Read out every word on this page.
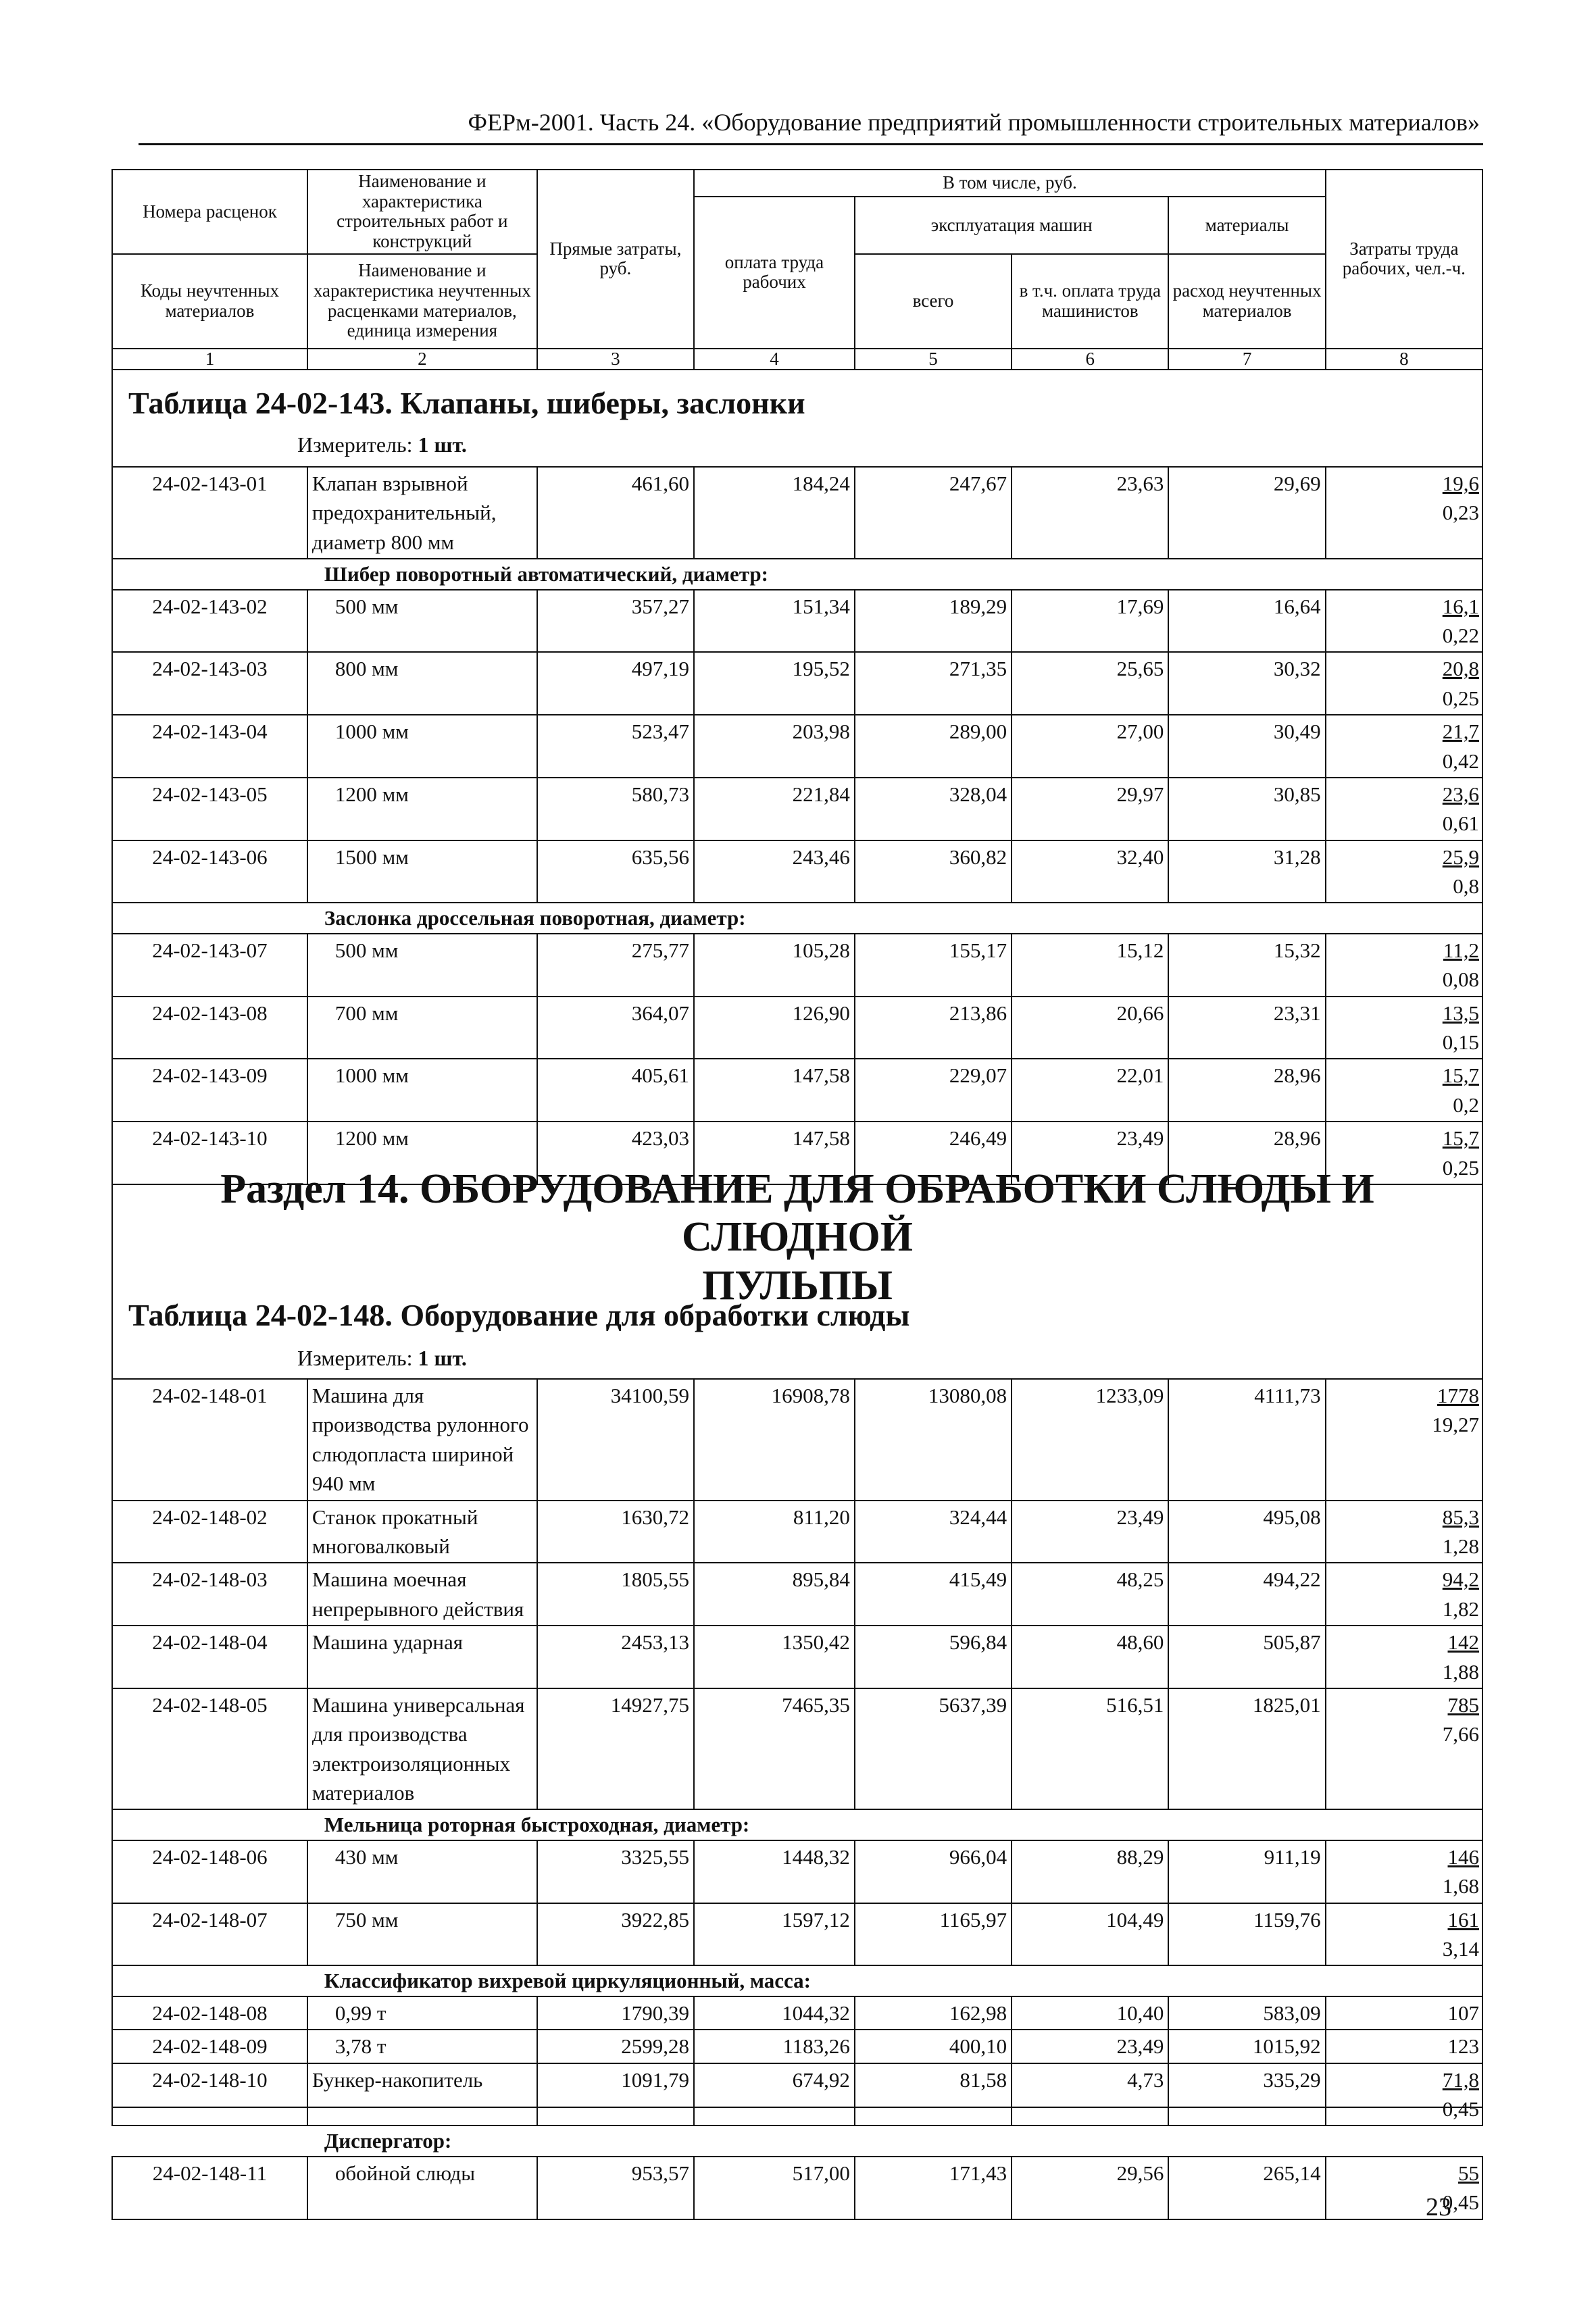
ФЕРм-2001. Часть 24. «Оборудование предприятий промышленности строительных материалов»
Номера расценок	Наименование и характеристика строительных работ и конструкций	Прямые затраты, руб.	В том числе, руб.				Затраты труда рабочих, чел.-ч.
			оплата труда рабочих	эксплуатация машин		материалы	
Коды неучтенных материалов	Наименование и характеристика неучтенных расценками материалов, единица измерения			всего	в т.ч. оплата труда машинистов	расход неучтенных материалов	
1	2	3	4	5	6	7	8
Таблица 24-02-143. Клапаны, шиберы, заслонки
Измеритель: 1 шт.
24-02-143-01	Клапан взрывной предохранительный, диаметр 800 мм	461,60	184,24	247,67	23,63	29,69	19,6
0,23

	Шибер поворотный автоматический, диаметр:						
24-02-143-02	500 мм	357,27	151,34	189,29	17,69	16,64	16,1
0,22

24-02-143-03	800 мм	497,19	195,52	271,35	25,65	30,32	20,8
0,25

24-02-143-04	1000 мм	523,47	203,98	289,00	27,00	30,49	21,7
0,42

24-02-143-05	1200 мм	580,73	221,84	328,04	29,97	30,85	23,6
0,61

24-02-143-06	1500 мм	635,56	243,46	360,82	32,40	31,28	25,9
0,8

	Заслонка дроссельная поворотная, диаметр:						
24-02-143-07	500 мм	275,77	105,28	155,17	15,12	15,32	11,2
0,08

24-02-143-08	700 мм	364,07	126,90	213,86	20,66	23,31	13,5
0,15

24-02-143-09	1000 мм	405,61	147,58	229,07	22,01	28,96	15,7
0,2

24-02-143-10	1200 мм	423,03	147,58	246,49	23,49	28,96	15,7
0,25
Раздел 14. ОБОРУДОВАНИЕ ДЛЯ ОБРАБОТКИ СЛЮДЫ И СЛЮДНОЙ
ПУЛЬПЫ
Таблица 24-02-148. Оборудование для обработки слюды
Измеритель: 1 шт.
24-02-148-01	Машина для производства рулонного слюдопласта шириной 940 мм	34100,59	16908,78	13080,08	1233,09	4111,73	1778
19,27

24-02-148-02	Станок прокатный многовалковый	1630,72	811,20	324,44	23,49	495,08	85,3
1,28

24-02-148-03	Машина моечная непрерывного действия	1805,55	895,84	415,49	48,25	494,22	94,2
1,82

24-02-148-04	Машина ударная	2453,13	1350,42	596,84	48,60	505,87	142
1,88

24-02-148-05	Машина универсальная для производства электроизоляционных материалов	14927,75	7465,35	5637,39	516,51	1825,01	785
7,66

	Мельница роторная быстроходная, диаметр:						
24-02-148-06	430 мм	3325,55	1448,32	966,04	88,29	911,19	146
1,68

24-02-148-07	750 мм	3922,85	1597,12	1165,97	104,49	1159,76	161
3,14

	Классификатор вихревой циркуляционный, масса:						
24-02-148-08	0,99 т	1790,39	1044,32	162,98	10,40	583,09	107
24-02-148-09	3,78 т	2599,28	1183,26	400,10	23,49	1015,92	123
24-02-148-10	Бункер-накопитель	1091,79	674,92	81,58	4,73	335,29	71,8
0,45

	Диспергатор:						
24-02-148-11	обойной слюды	953,57	517,00	171,43	29,56	265,14	55
0,45
23
